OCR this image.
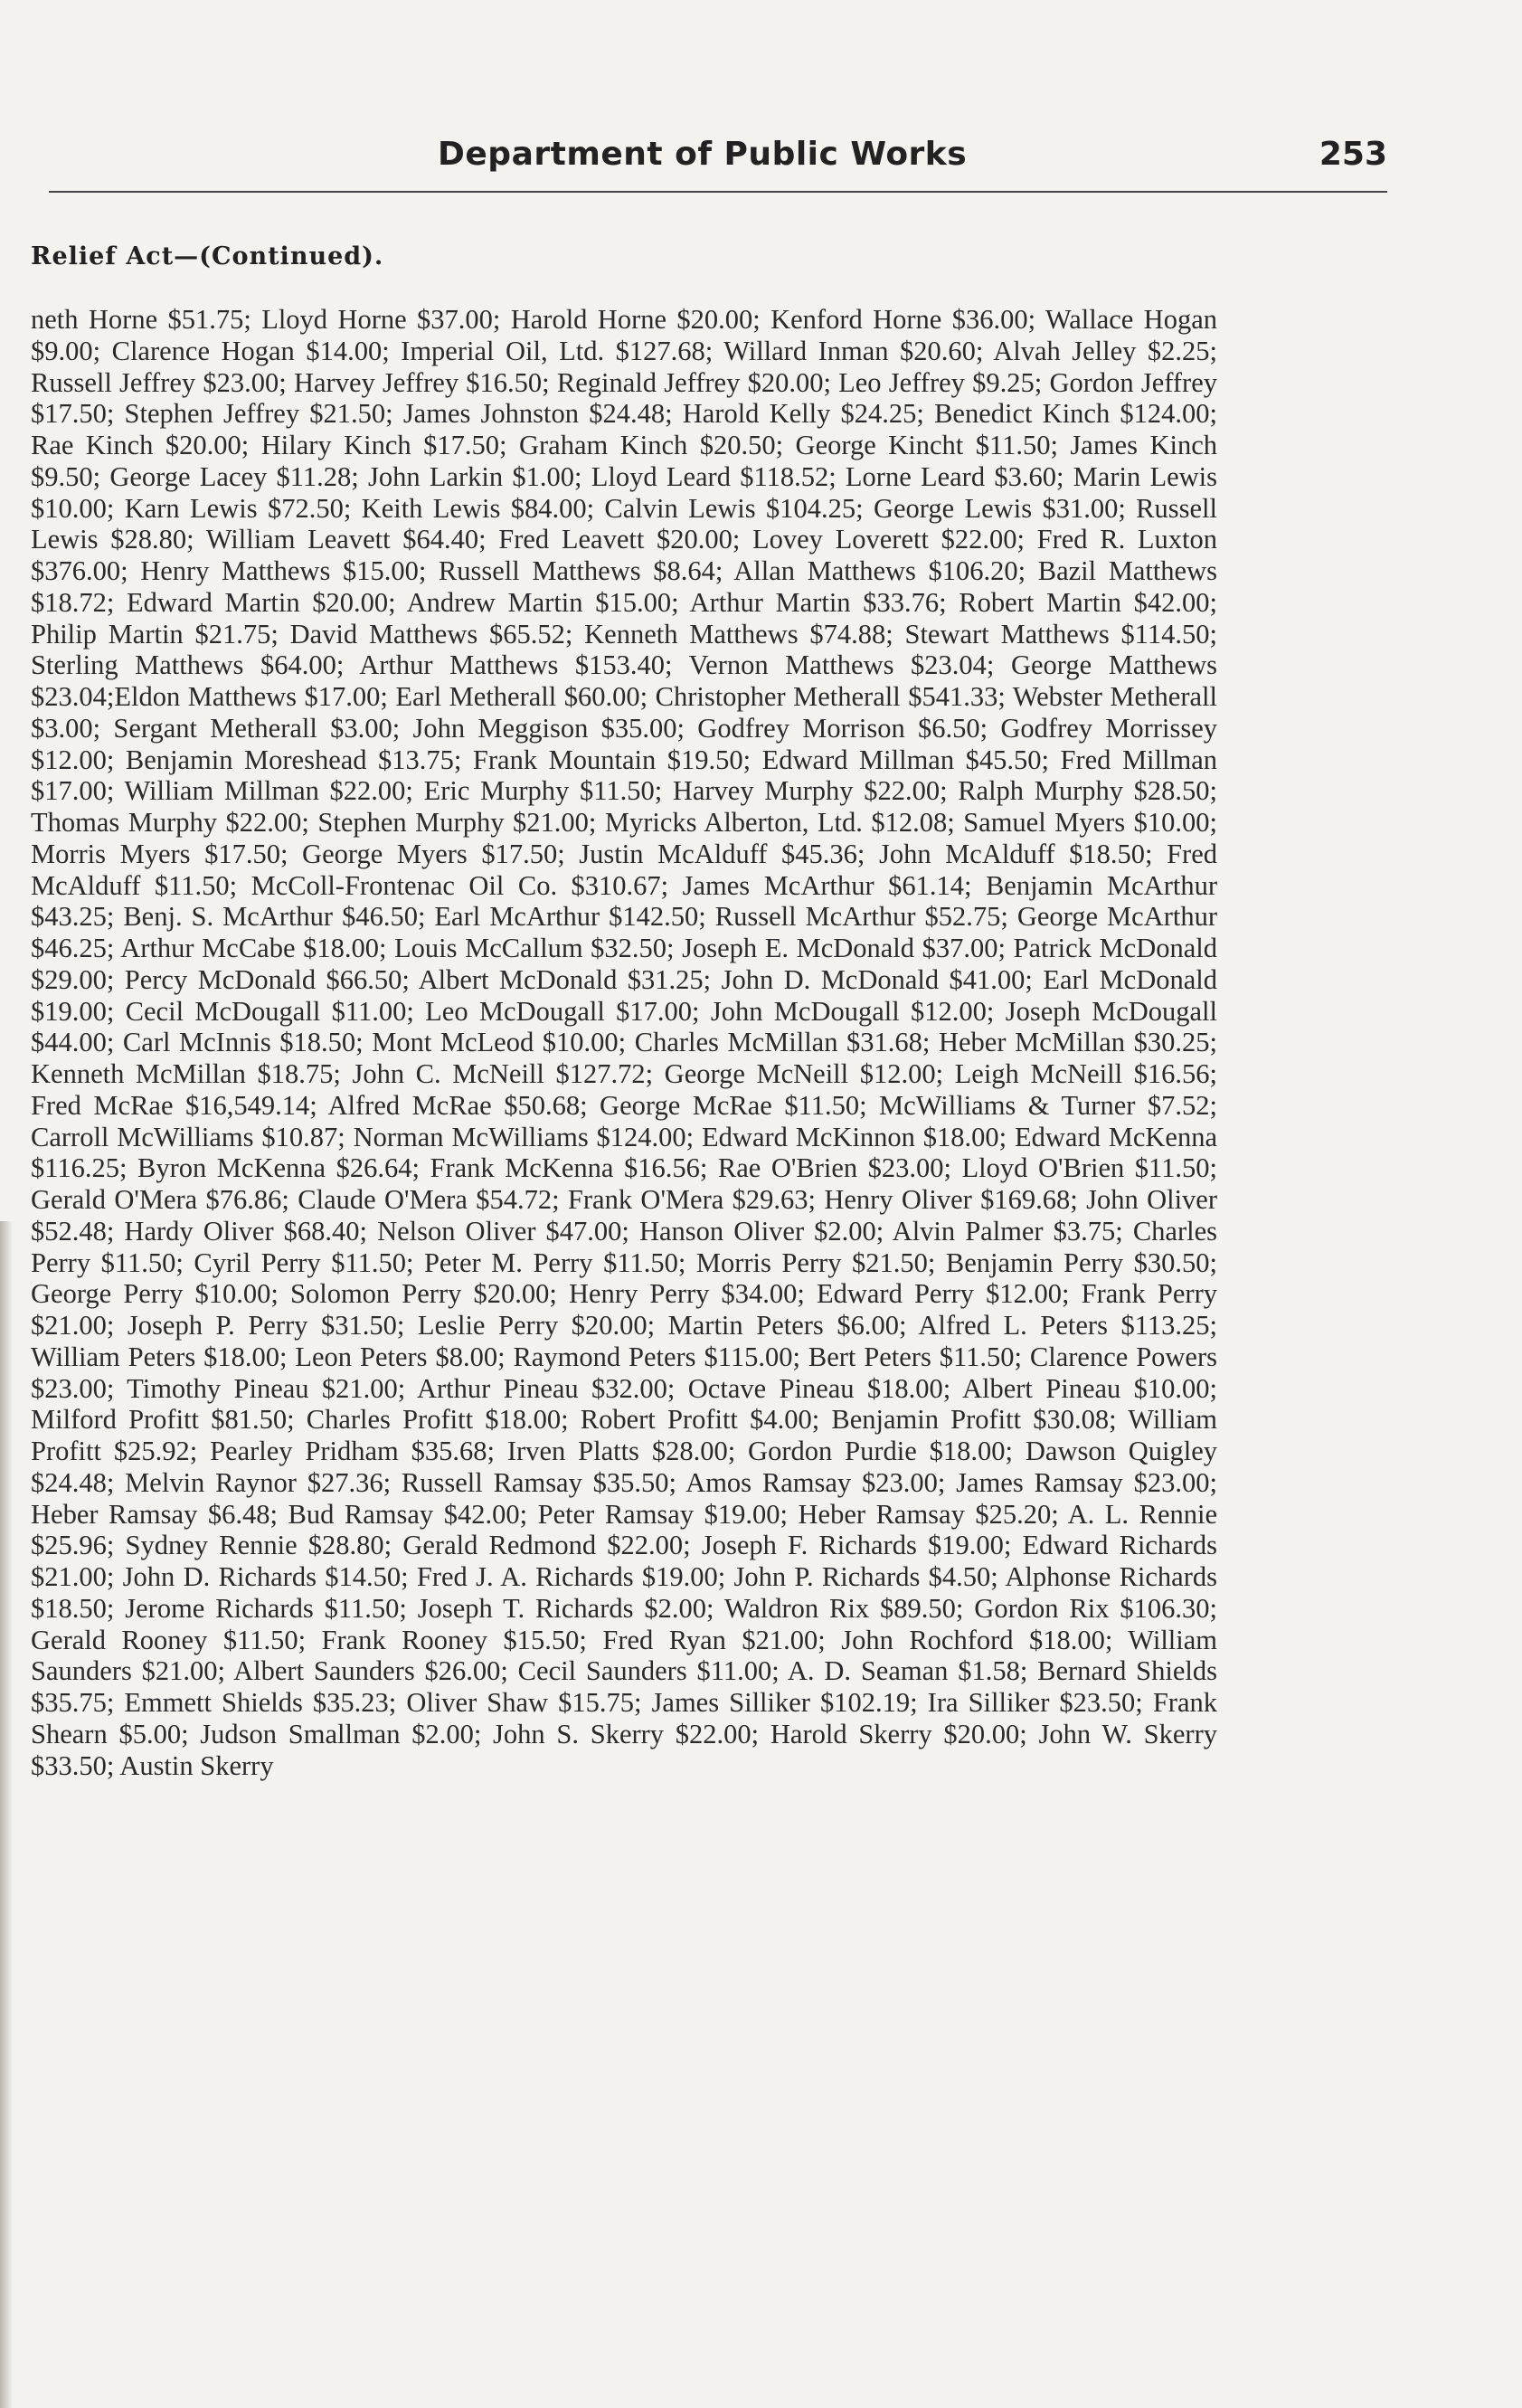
Department of Public Works	253
Relief Act—(Continued).

neth Horne $51.75; Lloyd Horne $37.00; Harold Horne $20.00; Kenford Horne $36.00; Wallace Hogan $9.00; Clarence Hogan $14.00; Imperial Oil, Ltd. $127.68; Willard Inman $20.60; Alvah Jelley $2.25; Russell Jeffrey $23.00; Harvey Jeffrey $16.50; Reginald Jeffrey $20.00; Leo Jeffrey $9.25; Gordon Jeffrey $17.50; Stephen Jeffrey $21.50; James Johnston $24.48; Harold Kelly $24.25; Benedict Kinch $124.00; Rae Kinch $20.00; Hilary Kinch $17.50; Graham Kinch $20.50; George Kincht $11.50; James Kinch $9.50; George Lacey $11.28; John Larkin $1.00; Lloyd Leard $118.52; Lorne Leard $3.60; Marin Lewis $10.00; Karn Lewis $72.50; Keith Lewis $84.00; Calvin Lewis $104.25; George Lewis $31.00; Russell Lewis $28.80; William Leavett $64.40; Fred Leavett $20.00; Lovey Loverett $22.00; Fred R. Luxton $376.00; Henry Matthews $15.00; Russell Matthews $8.64; Allan Matthews $106.20; Bazil Matthews $18.72; Edward Martin $20.00; Andrew Martin $15.00; Arthur Martin $33.76; Robert Martin $42.00; Philip Martin $21.75; David Matthews $65.52; Kenneth Matthews $74.88; Stewart Matthews $114.50; Sterling Matthews $64.00; Arthur Matthews $153.40; Vernon Matthews $23.04; George Matthews $23.04;Eldon Matthews $17.00; Earl Metherall $60.00; Christopher Metherall $541.33; Webster Metherall $3.00; Sergant Metherall $3.00; John Meggison $35.00; Godfrey Morrison $6.50; Godfrey Morrissey $12.00; Benjamin Moreshead $13.75; Frank Mountain $19.50; Edward Millman $45.50; Fred Millman $17.00; William Millman $22.00; Eric Murphy $11.50; Harvey Murphy $22.00; Ralph Murphy $28.50; Thomas Murphy $22.00; Stephen Murphy $21.00; Myricks Alberton, Ltd. $12.08; Samuel Myers $10.00; Morris Myers $17.50; George Myers $17.50; Justin McAlduff $45.36; John McAlduff $18.50; Fred McAlduff $11.50; McColl-Frontenac Oil Co. $310.67; James McArthur $61.14; Benjamin McArthur $43.25; Benj. S. McArthur $46.50; Earl McArthur $142.50; Russell McArthur $52.75; George McArthur $46.25; Arthur McCabe $18.00; Louis McCallum $32.50; Joseph E. McDonald $37.00; Patrick McDonald $29.00; Percy McDonald $66.50; Albert McDonald $31.25; John D. McDonald $41.00; Earl McDonald $19.00; Cecil McDougall $11.00; Leo McDougall $17.00; John McDougall $12.00; Joseph McDougall $44.00; Carl McInnis $18.50; Mont McLeod $10.00; Charles McMillan $31.68; Heber McMillan $30.25; Kenneth McMillan $18.75; John C. McNeill $127.72; George McNeill $12.00; Leigh McNeill $16.56; Fred McRae $16,549.14; Alfred McRae $50.68; George McRae $11.50; McWilliams & Turner $7.52; Carroll McWilliams $10.87; Norman McWilliams $124.00; Edward McKinnon $18.00; Edward McKenna $116.25; Byron McKenna $26.64; Frank McKenna $16.56; Rae O'Brien $23.00; Lloyd O'Brien $11.50; Gerald O'Mera $76.86; Claude O'Mera $54.72; Frank O'Mera $29.63; Henry Oliver $169.68; John Oliver $52.48; Hardy Oliver $68.40; Nelson Oliver $47.00; Hanson Oliver $2.00; Alvin Palmer $3.75; Charles Perry $11.50; Cyril Perry $11.50; Peter M. Perry $11.50; Morris Perry $21.50; Benjamin Perry $30.50; George Perry $10.00; Solomon Perry $20.00; Henry Perry $34.00; Edward Perry $12.00; Frank Perry $21.00; Joseph P. Perry $31.50; Leslie Perry $20.00; Martin Peters $6.00; Alfred L. Peters $113.25; William Peters $18.00; Leon Peters $8.00; Raymond Peters $115.00; Bert Peters $11.50; Clarence Powers $23.00; Timothy Pineau $21.00; Arthur Pineau $32.00; Octave Pineau $18.00; Albert Pineau $10.00; Milford Profitt $81.50; Charles Profitt $18.00; Robert Profitt $4.00; Benjamin Profitt $30.08; William Profitt $25.92; Pearley Pridham $35.68; Irven Platts $28.00; Gordon Purdie $18.00; Dawson Quigley $24.48; Melvin Raynor $27.36; Russell Ramsay $35.50; Amos Ramsay $23.00; James Ramsay $23.00; Heber Ramsay $6.48; Bud Ramsay $42.00; Peter Ramsay $19.00; Heber Ramsay $25.20; A. L. Rennie $25.96; Sydney Rennie $28.80; Gerald Redmond $22.00; Joseph F. Richards $19.00; Edward Richards $21.00; John D. Richards $14.50; Fred J. A. Richards $19.00; John P. Richards $4.50; Alphonse Richards $18.50; Jerome Richards $11.50; Joseph T. Richards $2.00; Waldron Rix $89.50; Gordon Rix $106.30; Gerald Rooney $11.50; Frank Rooney $15.50; Fred Ryan $21.00; John Rochford $18.00; William Saunders $21.00; Albert Saunders $26.00; Cecil Saunders $11.00; A. D. Seaman $1.58; Bernard Shields $35.75; Emmett Shields $35.23; Oliver Shaw $15.75; James Silliker $102.19; Ira Silliker $23.50; Frank Shearn $5.00; Judson Smallman $2.00; John S. Skerry $22.00; Harold Skerry $20.00; John W. Skerry $33.50; Austin Skerry
